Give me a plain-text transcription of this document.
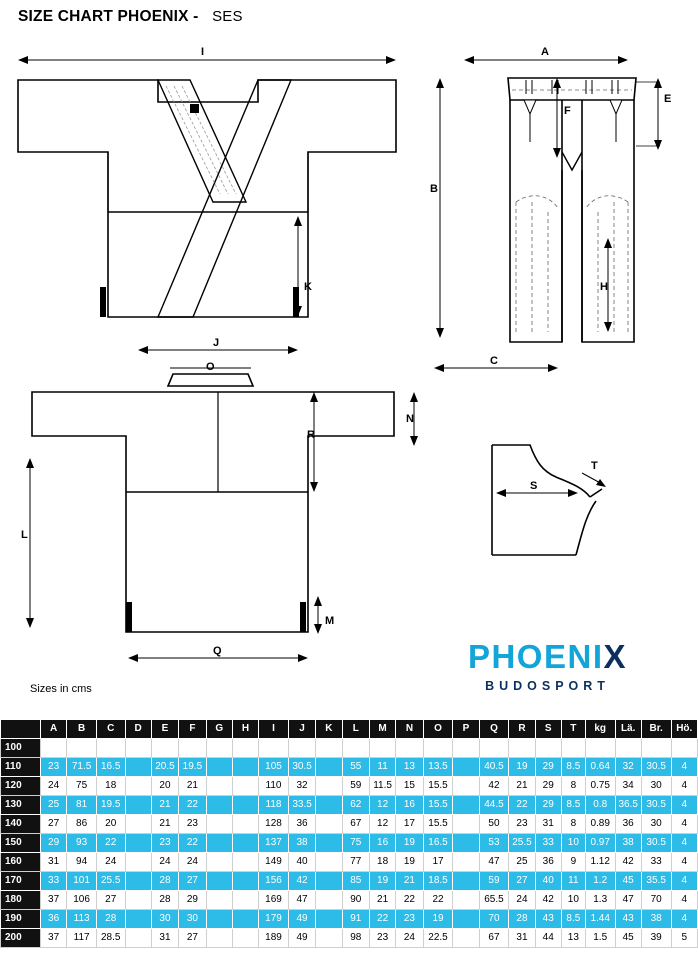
SIZE CHART PHOENIX - SES
I
K
J
O
N
R
L
M
Q
A
E
F
B
H
C
T
S
Sizes in cms
PHOENIX
BUDOSPORT
	A	B	C	D	E	F	G	H	I	J	K	L	M	N	O	P	Q	R	S	T	kg	Lä.	Br.	Hö.
100																								
110	23	71.5	16.5		20.5	19.5			105	30.5		55	11	13	13.5		40.5	19	29	8.5	0.64	32	30.5	4
120	24	75	18		20	21			110	32		59	11.5	15	15.5		42	21	29	8	0.75	34	30	4
130	25	81	19.5		21	22			118	33.5		62	12	16	15.5		44.5	22	29	8.5	0.8	36.5	30.5	4
140	27	86	20		21	23			128	36		67	12	17	15.5		50	23	31	8	0.89	36	30	4
150	29	93	22		23	22			137	38		75	16	19	16.5		53	25.5	33	10	0.97	38	30.5	4
160	31	94	24		24	24			149	40		77	18	19	17		47	25	36	9	1.12	42	33	4
170	33	101	25.5		28	27			156	42		85	19	21	18.5		59	27	40	11	1.2	45	35.5	4
180	37	106	27		28	29			169	47		90	21	22	22		65.5	24	42	10	1.3	47	70	4
190	36	113	28		30	30			179	49		91	22	23	19		70	28	43	8.5	1.44	43	38	4
200	37	117	28.5		31	27			189	49		98	23	24	22.5		67	31	44	13	1.5	45	39	5
